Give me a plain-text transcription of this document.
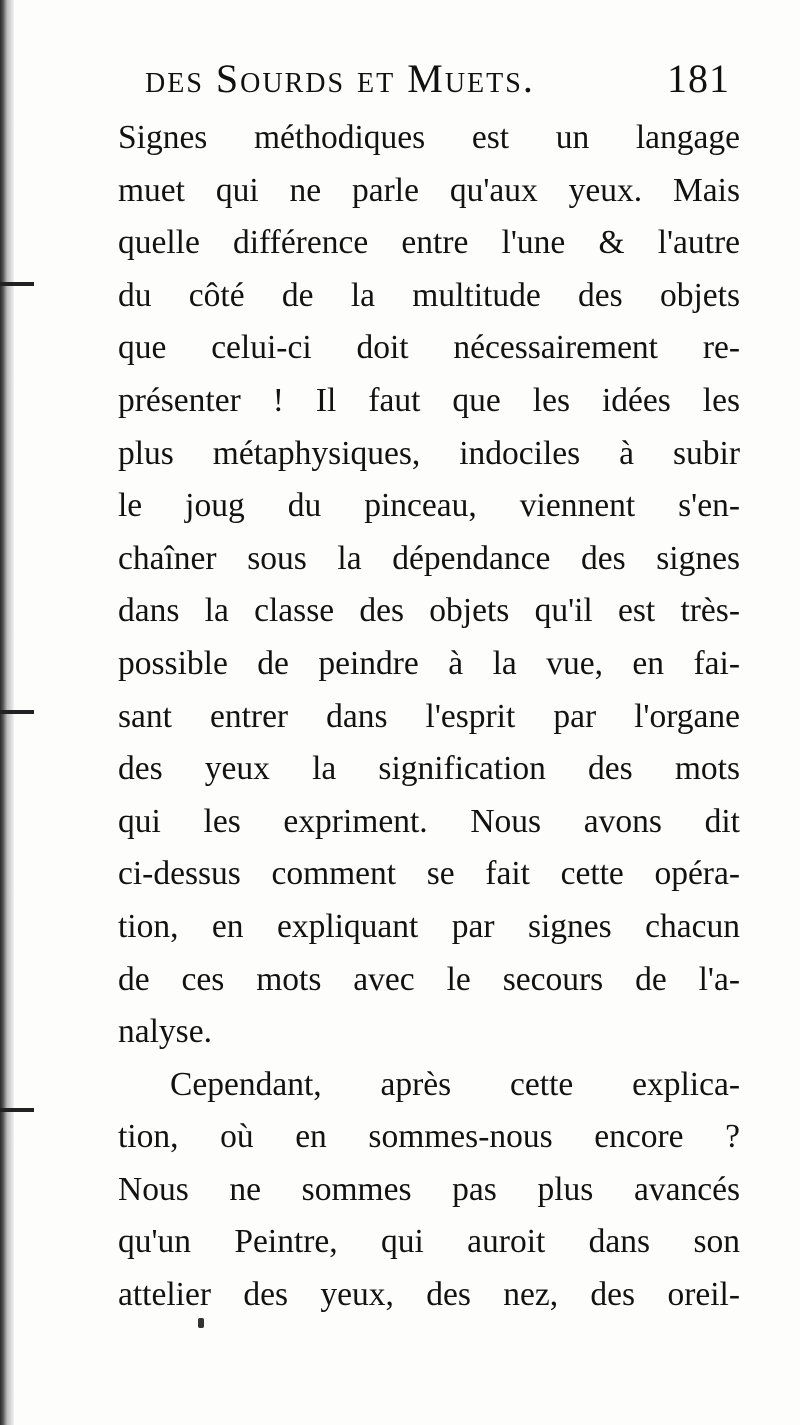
des Sourds et Muets.	181
Signes méthodiques est un langage
muet qui ne parle qu'aux yeux. Mais
quelle différence entre l'une & l'autre
du côté de la multitude des objets
que celui-ci doit nécessairement re-
présenter ! Il faut que les idées les
plus métaphysiques, indociles à subir
le joug du pinceau, viennent s'en-
chaîner sous la dépendance des signes
dans la classe des objets qu'il est très-
possible de peindre à la vue, en fai-
sant entrer dans l'esprit par l'organe
des yeux la signification des mots
qui les expriment. Nous avons dit
ci-dessus comment se fait cette opéra-
tion, en expliquant par signes chacun
de ces mots avec le secours de l'a-
nalyse.
Cependant, après cette explica-
tion, où en sommes-nous encore ?
Nous ne sommes pas plus avancés
qu'un Peintre, qui auroit dans son
attelier des yeux, des nez, des oreil-
